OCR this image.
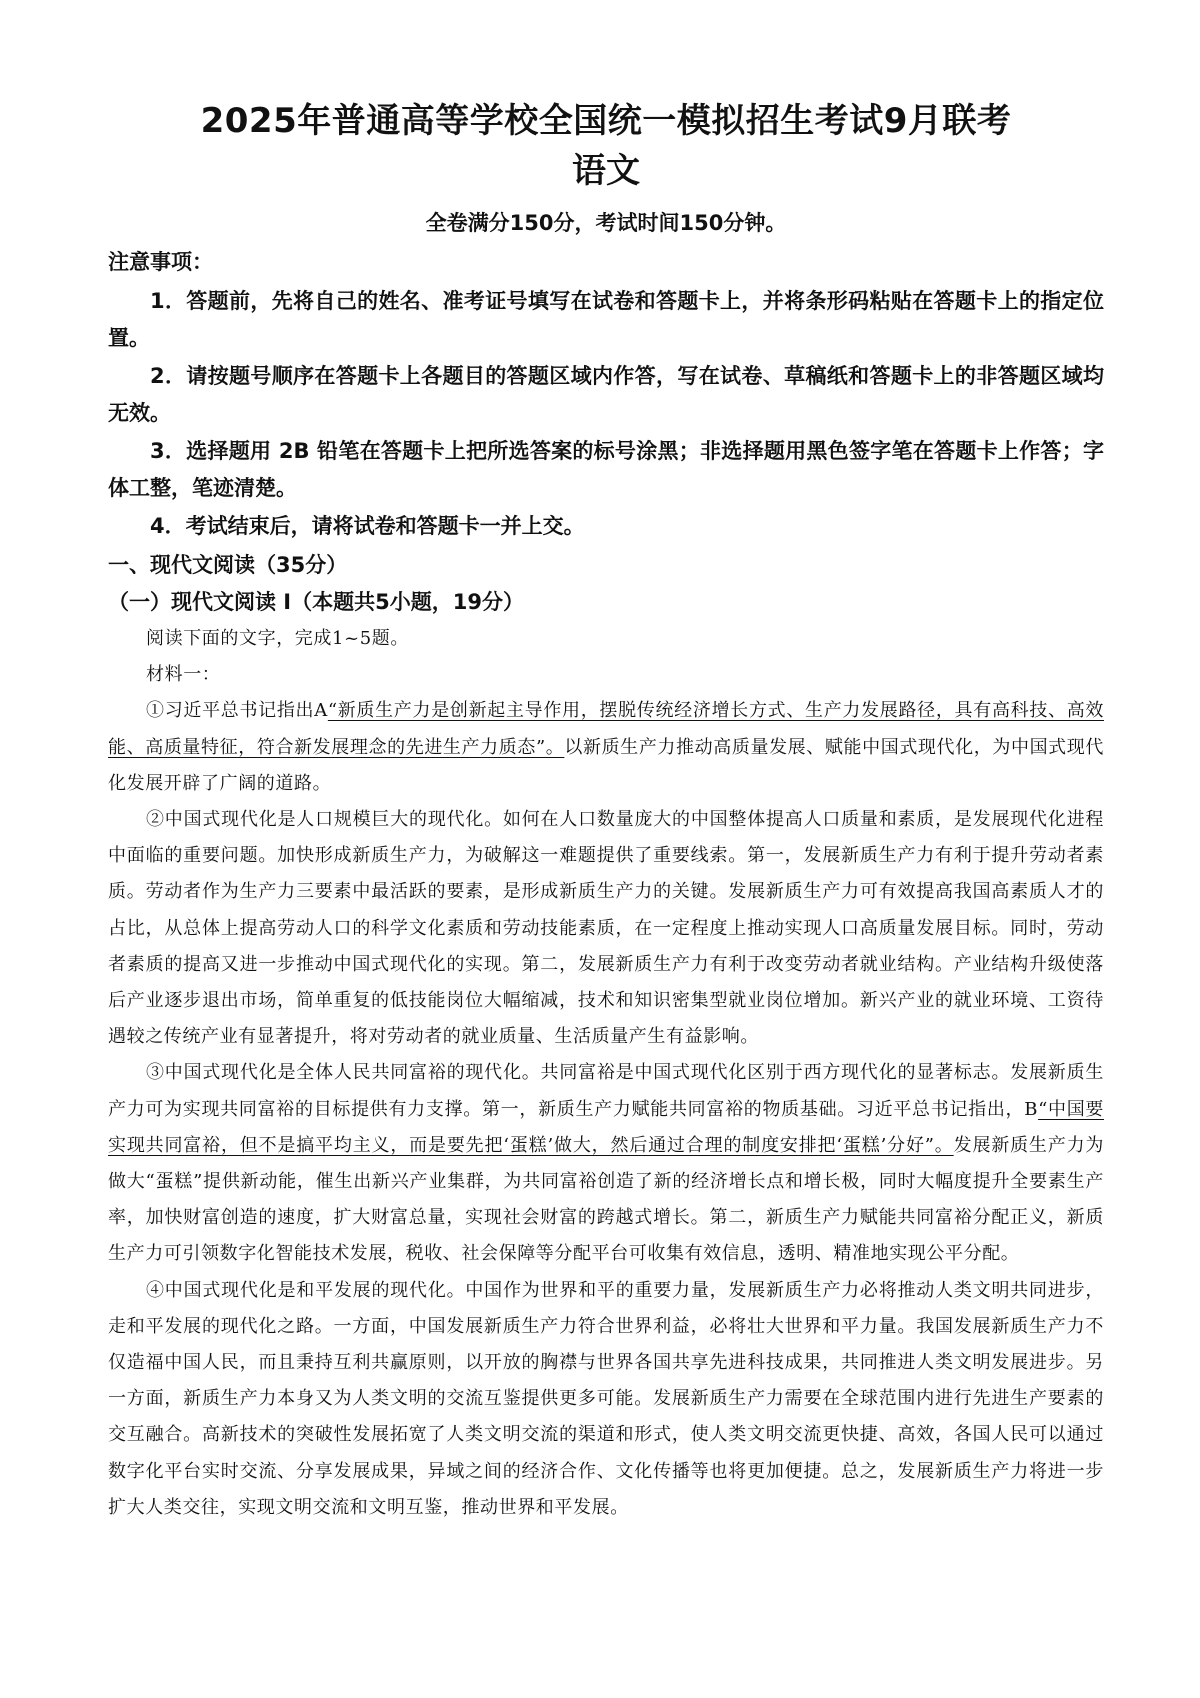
2025年普通高等学校全国统一模拟招生考试9月联考
语文
全卷满分150分，考试时间150分钟。
注意事项：
1．答题前，先将自己的姓名、准考证号填写在试卷和答题卡上，并将条形码粘贴在答题卡上的指定位置。
2．请按题号顺序在答题卡上各题目的答题区域内作答，写在试卷、草稿纸和答题卡上的非答题区域均无效。
3．选择题用 2B 铅笔在答题卡上把所选答案的标号涂黑；非选择题用黑色签字笔在答题卡上作答；字体工整，笔迹清楚。
4．考试结束后，请将试卷和答题卡一并上交。
一、现代文阅读（35分）
（一）现代文阅读 I（本题共5小题，19分）

阅读下面的文字，完成1~5题。

材料一：

①习近平总书记指出A“新质生产力是创新起主导作用，摆脱传统经济增长方式、生产力发展路径，具有高科技、高效能、高质量特征，符合新发展理念的先进生产力质态”。以新质生产力推动高质量发展、赋能中国式现代化，为中国式现代化发展开辟了广阔的道路。

②中国式现代化是人口规模巨大的现代化。如何在人口数量庞大的中国整体提高人口质量和素质，是发展现代化进程中面临的重要问题。加快形成新质生产力，为破解这一难题提供了重要线索。第一，发展新质生产力有利于提升劳动者素质。劳动者作为生产力三要素中最活跃的要素，是形成新质生产力的关键。发展新质生产力可有效提高我国高素质人才的占比，从总体上提高劳动人口的科学文化素质和劳动技能素质，在一定程度上推动实现人口高质量发展目标。同时，劳动者素质的提高又进一步推动中国式现代化的实现。第二，发展新质生产力有利于改变劳动者就业结构。产业结构升级使落后产业逐步退出市场，简单重复的低技能岗位大幅缩减，技术和知识密集型就业岗位增加。新兴产业的就业环境、工资待遇较之传统产业有显著提升，将对劳动者的就业质量、生活质量产生有益影响。

③中国式现代化是全体人民共同富裕的现代化。共同富裕是中国式现代化区别于西方现代化的显著标志。发展新质生产力可为实现共同富裕的目标提供有力支撑。第一，新质生产力赋能共同富裕的物质基础。习近平总书记指出，B“中国要实现共同富裕，但不是搞平均主义，而是要先把‘蛋糕’做大，然后通过合理的制度安排把‘蛋糕’分好”。发展新质生产力为做大“蛋糕”提供新动能，催生出新兴产业集群，为共同富裕创造了新的经济增长点和增长极，同时大幅度提升全要素生产率，加快财富创造的速度，扩大财富总量，实现社会财富的跨越式增长。第二，新质生产力赋能共同富裕分配正义，新质生产力可引领数字化智能技术发展，税收、社会保障等分配平台可收集有效信息，透明、精准地实现公平分配。

④中国式现代化是和平发展的现代化。中国作为世界和平的重要力量，发展新质生产力必将推动人类文明共同进步，走和平发展的现代化之路。一方面，中国发展新质生产力符合世界利益，必将壮大世界和平力量。我国发展新质生产力不仅造福中国人民，而且秉持互利共赢原则，以开放的胸襟与世界各国共享先进科技成果，共同推进人类文明发展进步。另一方面，新质生产力本身又为人类文明的交流互鉴提供更多可能。发展新质生产力需要在全球范围内进行先进生产要素的交互融合。高新技术的突破性发展拓宽了人类文明交流的渠道和形式，使人类文明交流更快捷、高效，各国人民可以通过数字化平台实时交流、分享发展成果，异域之间的经济合作、文化传播等也将更加便捷。总之，发展新质生产力将进一步扩大人类交往，实现文明交流和文明互鉴，推动世界和平发展。
